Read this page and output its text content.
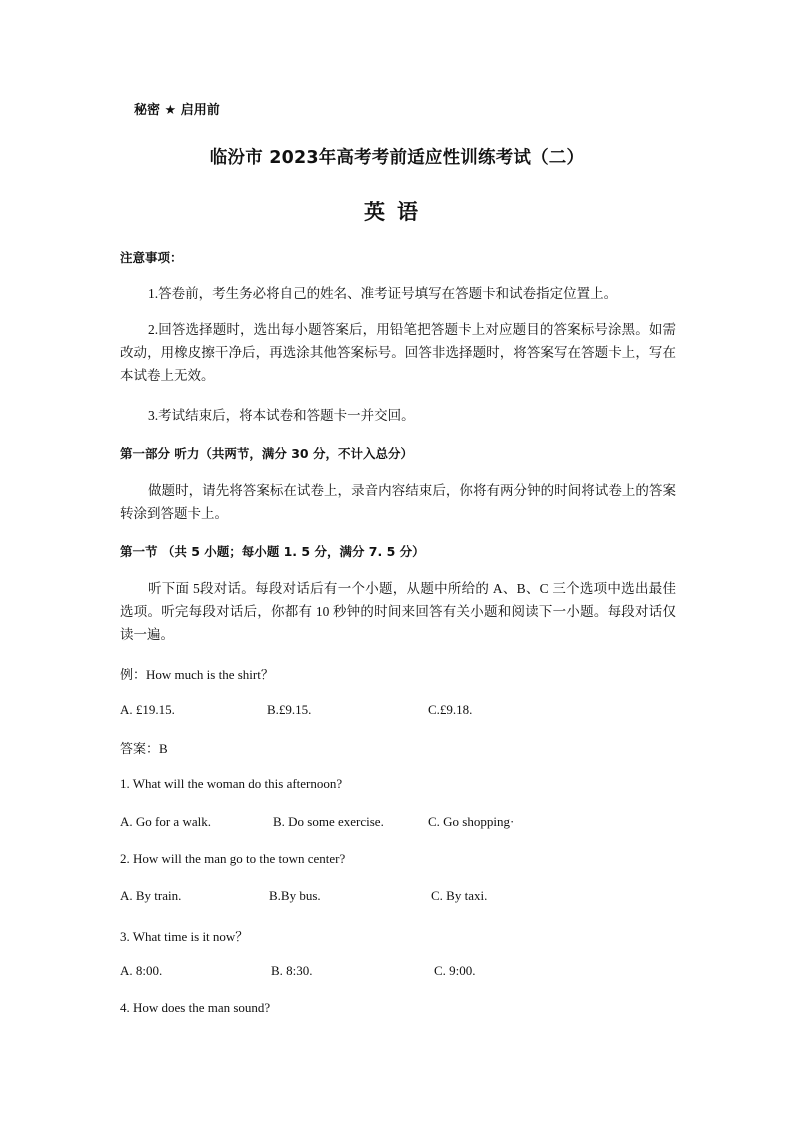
秘密 ★ 启用前
临汾市 2023年高考考前适应性训练考试（二）
英语
注意事项：
1.答卷前，考生务必将自己的姓名、准考证号填写在答题卡和试卷指定位置上。
2.回答选择题时，选出每小题答案后，用铅笔把答题卡上对应题目的答案标号涂黑。如需改动，用橡皮擦干净后，再选涂其他答案标号。回答非选择题时，将答案写在答题卡上，写在本试卷上无效。
3.考试结束后，将本试卷和答题卡一并交回。
第一部分 听力（共两节，满分 30 分，不计入总分）
做题时，请先将答案标在试卷上，录音内容结束后，你将有两分钟的时间将试卷上的答案转涂到答题卡上。
第一节 （共 5 小题；每小题 1. 5 分，满分 7. 5 分）
听下面 5段对话。每段对话后有一个小题，从题中所给的 A、B、C 三个选项中选出最佳选项。听完每段对话后，你都有 10 秒钟的时间来回答有关小题和阅读下一小题。每段对话仅读一遍。
例：How much is the shirt？
A. £19.15.	B.£9.15.	C.£9.18.
答案：B
1. What will the woman do this afternoon?
A. Go for a walk.	B. Do some exercise.	C. Go shopping·
2. How will the man go to the town center?
A. By train.	B.By bus.	C. By taxi.
3. What time is it now？
A. 8:00.	B. 8:30.	C. 9:00.
4. How does the man sound?
